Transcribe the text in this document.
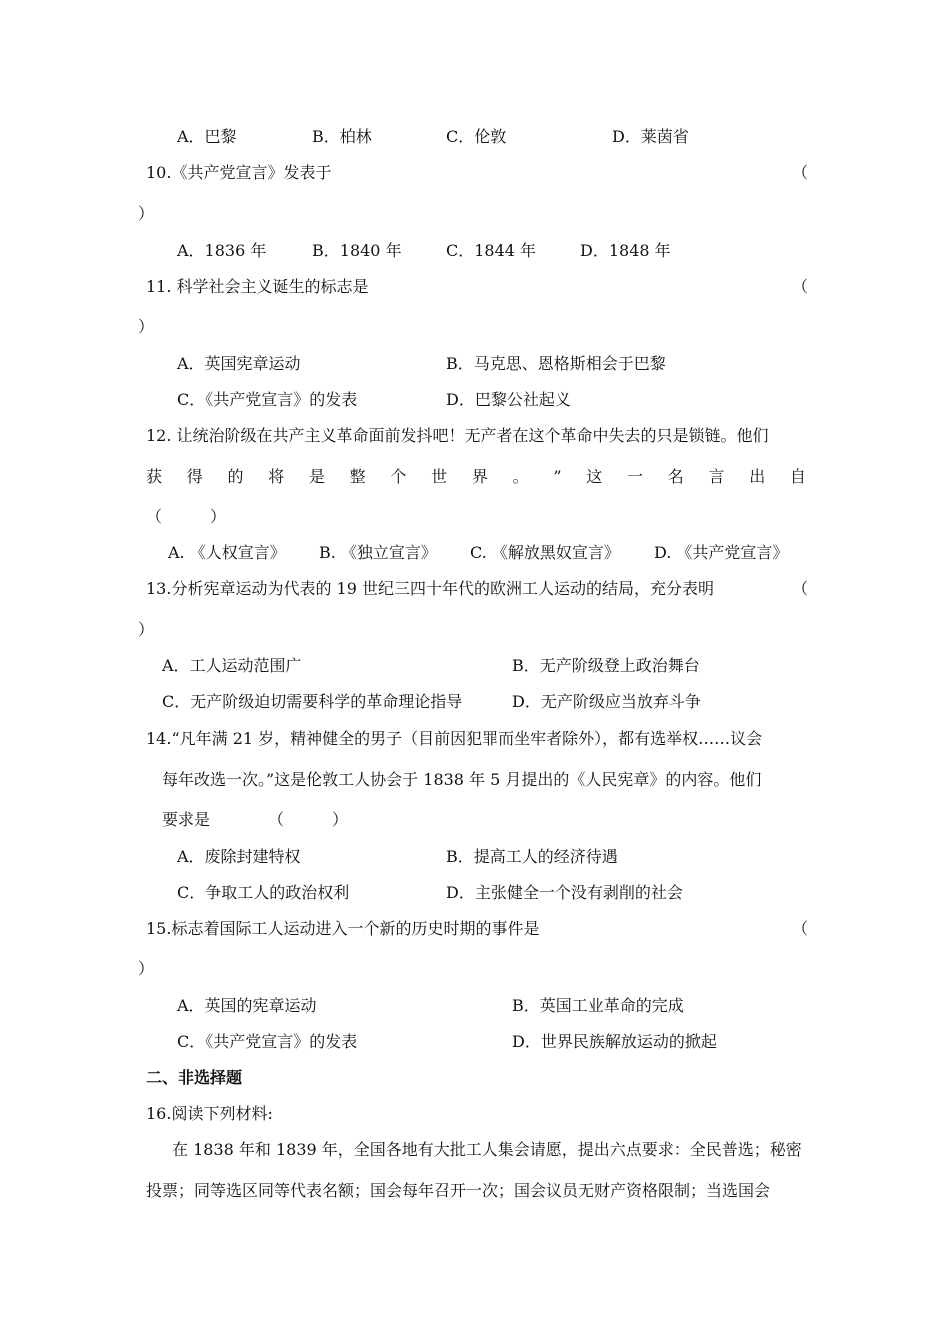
A．巴黎	B．柏林	C．伦敦	D．莱茵省
10.《共产党宣言》发表于	（
）
A．1836 年	B．1840 年	C．1844 年	D．1848 年
11. 科学社会主义诞生的标志是	（
）
A．英国宪章运动	B．马克思、恩格斯相会于巴黎
C．《共产党宣言》的发表	D．巴黎公社起义
12. 让统治阶级在共产主义革命面前发抖吧！无产者在这个革命中失去的只是锁链。他们
获 得 的 将 是 整 个 世 界 。 ” 这 一 名 言 出 自
（　　　）
A. 《人权宣言》 B. 《独立宣言》 C. 《解放黑奴宣言》 D. 《共产党宣言》
13.分析宪章运动为代表的 19 世纪三四十年代的欧洲工人运动的结局，充分表明	（
）
A．工人运动范围广	B．无产阶级登上政治舞台
C．无产阶级迫切需要科学的革命理论指导	D．无产阶级应当放弃斗争
14.“凡年满 21 岁，精神健全的男子（目前因犯罪而坐牢者除外），都有选举权……议会
每年改选一次。”这是伦敦工人协会于 1838 年 5 月提出的《人民宪章》的内容。他们
要求是	（　　　）
A．废除封建特权	B．提高工人的经济待遇
C．争取工人的政治权利	D．主张健全一个没有剥削的社会
15.标志着国际工人运动进入一个新的历史时期的事件是	（
）
A．英国的宪章运动	B．英国工业革命的完成
C．《共产党宣言》的发表	D．世界民族解放运动的掀起
二、非选择题
16.阅读下列材料:
在 1838 年和 1839 年，全国各地有大批工人集会请愿，提出六点要求：全民普选；秘密
投票；同等选区同等代表名额；国会每年召开一次；国会议员无财产资格限制；当选国会
